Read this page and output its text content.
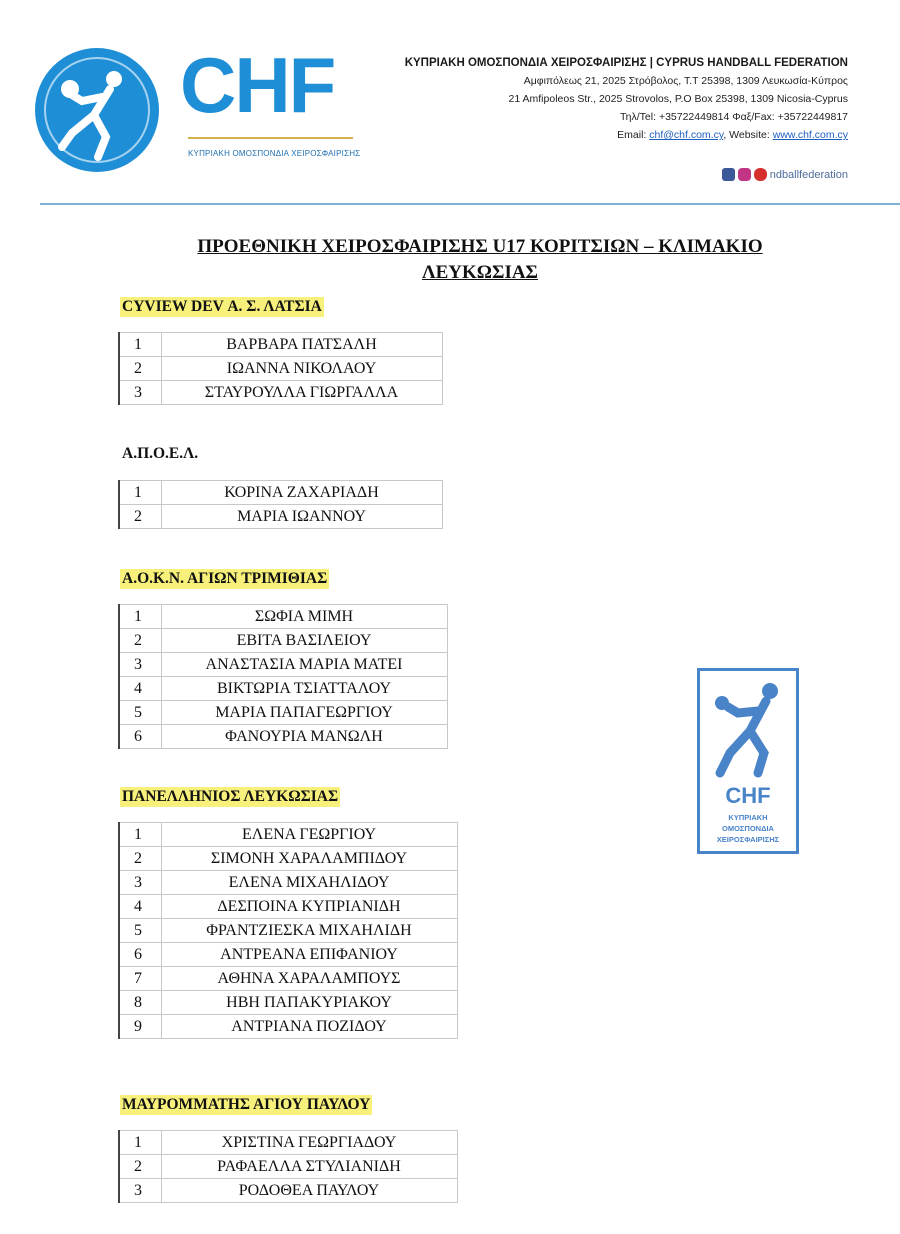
CHF
ΚΥΠΡΙΑΚΗ ΟΜΟΣΠΟΝΔΙΑ ΧΕΙΡΟΣΦΑΙΡΙΣΗΣ
ΚΥΠΡΙΑΚΗ ΟΜΟΣΠΟΝΔΙΑ ΧΕΙΡΟΣΦΑΙΡΙΣΗΣ | CYPRUS HANDBALL FEDERATION
Αμφιπόλεως 21, 2025 Στρόβολος, Τ.Τ 25398, 1309 Λευκωσία-Κύπρος
21 Amfipoleos Str., 2025 Strovolos, P.O Box 25398, 1309 Nicosia-Cyprus
Τηλ/Tel: +35722449814 Φαξ/Fax: +35722449817
Email: chf@chf.com.cy, Website: www.chf.com.cy
ndballfederation
ΠΡΟΕΘΝΙΚΗ ΧΕΙΡΟΣΦΑΙΡΙΣΗΣ U17 ΚΟΡΙΤΣΙΩΝ – ΚΛΙΜΑΚΙΟ
ΛΕΥΚΩΣΙΑΣ
CYVIEW DEV Α. Σ. ΛΑΤΣΙΑ
1	ΒΑΡΒΑΡΑ ΠΑΤΣΑΛΗ
2	ΙΩΑΝΝΑ ΝΙΚΟΛΑΟΥ
3	ΣΤΑΥΡΟΥΛΛΑ ΓΙΩΡΓΑΛΛΑ
Α.Π.Ο.Ε.Λ.
1	ΚΟΡΙΝΑ ΖΑΧΑΡΙΑΔΗ
2	ΜΑΡΙΑ ΙΩΑΝΝΟΥ
Α.Ο.Κ.Ν. ΑΓΙΩΝ ΤΡΙΜΙΘΙΑΣ
1	ΣΩΦΙΑ ΜΙΜΗ
2	ΕΒΙΤΑ ΒΑΣΙΛΕΙΟΥ
3	ΑΝΑΣΤΑΣΙΑ ΜΑΡΙΑ ΜΑΤΕΙ
4	ΒΙΚΤΩΡΙΑ ΤΣΙΑΤΤΑΛΟΥ
5	ΜΑΡΙΑ ΠΑΠΑΓΕΩΡΓΙΟΥ
6	ΦΑΝΟΥΡΙΑ ΜΑΝΩΛΗ
ΠΑΝΕΛΛΗΝΙΟΣ ΛΕΥΚΩΣΙΑΣ
1	ΕΛΕΝΑ ΓΕΩΡΓΙΟΥ
2	ΣΙΜΟΝΗ ΧΑΡΑΛΑΜΠΙΔΟΥ
3	ΕΛΕΝΑ ΜΙΧΑΗΛΙΔΟΥ
4	ΔΕΣΠΟΙΝΑ ΚΥΠΡΙΑΝΙΔΗ
5	ΦΡΑΝΤΖΙΕΣΚΑ ΜΙΧΑΗΛΙΔΗ
6	ΑΝΤΡΕΑΝΑ ΕΠΙΦΑΝΙΟΥ
7	ΑΘΗΝΑ ΧΑΡΑΛΑΜΠΟΥΣ
8	ΗΒΗ ΠΑΠΑΚΥΡΙΑΚΟΥ
9	ΑΝΤΡΙΑΝΑ ΠΟΖΙΔΟΥ
ΜΑΥΡΟΜΜΑΤΗΣ ΑΓΙΟΥ ΠΑΥΛΟΥ
1	ΧΡΙΣΤΙΝΑ ΓΕΩΡΓΙΑΔΟΥ
2	ΡΑΦΑΕΛΛΑ ΣΤΥΛΙΑΝΙΔΗ
3	ΡΟΔΟΘΕΑ ΠΑΥΛΟΥ
CHF
ΚΥΠΡΙΑΚΗ
ΟΜΟΣΠΟΝΔΙΑ
ΧΕΙΡΟΣΦΑΙΡΙΣΗΣ
